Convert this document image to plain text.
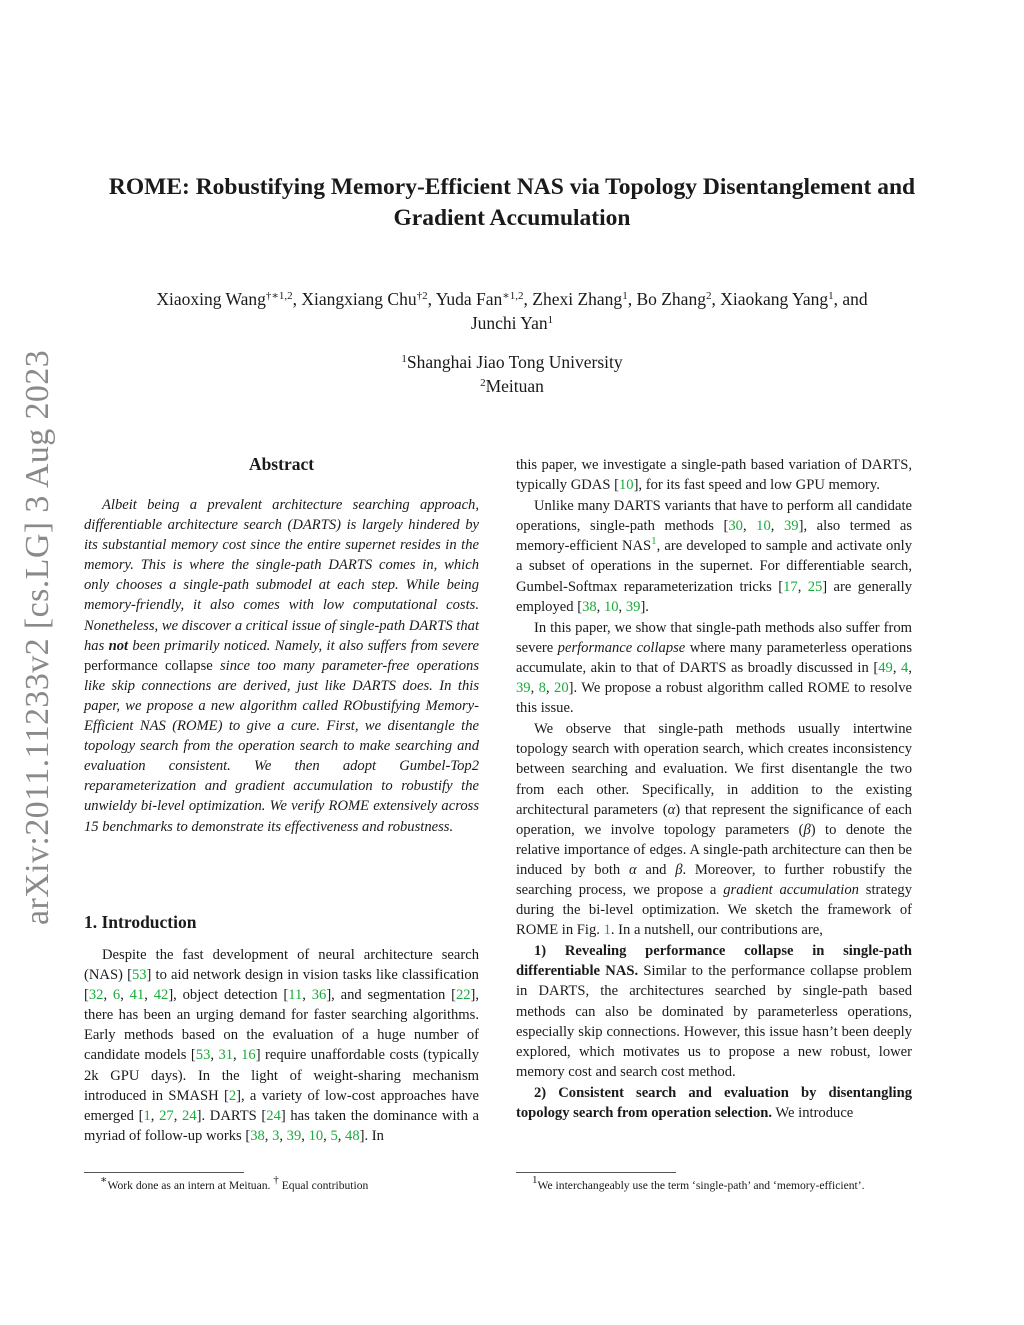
arXiv:2011.11233v2 [cs.LG] 3 Aug 2023
ROME: Robustifying Memory-Efficient NAS via Topology Disentanglement and
Gradient Accumulation
Xiaoxing Wang$^{\dagger∗1,2}$, Xiangxiang Chu$^{\dagger 2}$, Yuda Fan$^{∗1,2}$, Zhexi Zhang$^1$, Bo Zhang$^2$, Xiaokang Yang$^1$, and
Junchi Yan$^1$
$^1$Shanghai Jiao Tong University
$^2$Meituan
Abstract

Albeit being a prevalent architecture searching approach, differentiable architecture search (DARTS) is largely hindered by its substantial memory cost since the entire supernet resides in the memory. This is where the single-path DARTS comes in, which only chooses a single-path submodel at each step. While being memory-friendly, it also comes with low computational costs. Nonetheless, we discover a critical issue of single-path DARTS that has not been primarily noticed. Namely, it also suffers from severe performance collapse since too many parameter-free operations like skip connections are derived, just like DARTS does. In this paper, we propose a new algorithm called RObustifying Memory-Efficient NAS (ROME) to give a cure. First, we disentangle the topology search from the operation search to make searching and evaluation consistent. We then adopt Gumbel-Top2 reparameterization and gradient accumulation to robustify the unwieldy bi-level optimization. We verify ROME extensively across 15 benchmarks to demonstrate its effectiveness and robustness.

1. Introduction

Despite the fast development of neural architecture search (NAS) [53] to aid network design in vision tasks like classification [32, 6, 41, 42], object detection [11, 36], and segmentation [22], there has been an urging demand for faster searching algorithms. Early methods based on the evaluation of a huge number of candidate models [53, 31, 16] require unaffordable costs (typically 2k GPU days). In the light of weight-sharing mechanism introduced in SMASH [2], a variety of low-cost approaches have emerged [1, 27, 24]. DARTS [24] has taken the dominance with a myriad of follow-up works [38, 3, 39, 10, 5, 48]. In

∗Work done as an intern at Meituan. † Equal contribution

this paper, we investigate a single-path based variation of DARTS, typically GDAS [10], for its fast speed and low GPU memory.

Unlike many DARTS variants that have to perform all candidate operations, single-path methods [30, 10, 39], also termed as memory-efficient NAS$^1$, are developed to sample and activate only a subset of operations in the supernet. For differentiable search, Gumbel-Softmax reparameterization tricks [17, 25] are generally employed [38, 10, 39].

In this paper, we show that single-path methods also suffer from severe performance collapse where many parameterless operations accumulate, akin to that of DARTS as broadly discussed in [49, 4, 39, 8, 20]. We propose a robust algorithm called ROME to resolve this issue.

We observe that single-path methods usually intertwine topology search with operation search, which creates inconsistency between searching and evaluation. We first disentangle the two from each other. Specifically, in addition to the existing architectural parameters (α) that represent the significance of each operation, we involve topology parameters (β) to denote the relative importance of edges. A single-path architecture can then be induced by both α and β. Moreover, to further robustify the searching process, we propose a gradient accumulation strategy during the bi-level optimization. We sketch the framework of ROME in Fig. 1. In a nutshell, our contributions are,

1) Revealing performance collapse in single-path differentiable NAS. Similar to the performance collapse problem in DARTS, the architectures searched by single-path based methods can also be dominated by parameterless operations, especially skip connections. However, this issue hasn’t been deeply explored, which motivates us to propose a new robust, lower memory cost and search cost method.

2) Consistent search and evaluation by disentangling topology search from operation selection. We introduce

$^1$We interchangeably use the term ‘single-path’ and ‘memory-efficient’.
